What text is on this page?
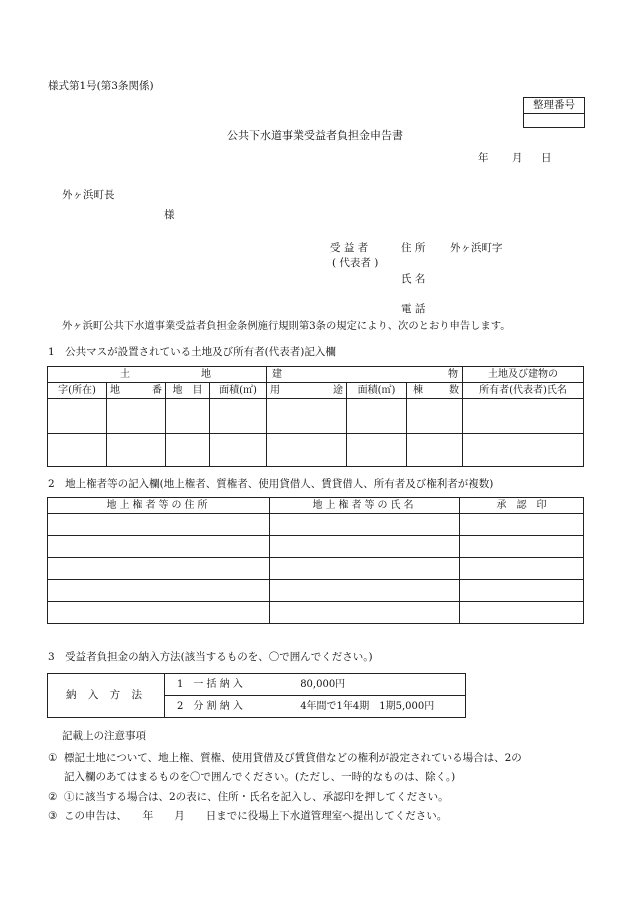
様式第1号(第3条関係)
整理番号

公共下水道事業受益者負担金申告書
年 月 日
外ヶ浜町長
様
受 益 者
( 代表者 )
住 所 外ヶ浜町字
氏 名
電 話
外ヶ浜町公共下水道事業受益者負担金条例施行規則第3条の規定により、次のとおり申告します。
1　公共マスが設置されている土地及び所有者(代表者)記入欄
土 地				建 物			土地及び建物の
字(所在)	地 番	地　目	面積(㎡)	用 途	面積(㎡)	棟 数	所有者(代表者)氏名

2　地上権者等の記入欄(地上権者、質権者、使用貸借人、賃貸借人、所有者及び権利者が複数)
地上権者等の住所	地上権者等の氏名	承　認　印

3　受益者負担金の納入方法(該当するものを、〇で囲んでください。)
納 入 方 法	1　一 括 納 入	80,000円
2　分 割 納 入	4年間で1年4期　1期5,000円
記載上の注意事項
① 標記土地について、地上権、質権、使用貸借及び賃貸借などの権利が設定されている場合は、2の
記入欄のあてはまるものを〇で囲んでください。(ただし、一時的なものは、除く。)
② ①に該当する場合は、2の表に、住所・氏名を記入し、承認印を押してください。
③ この申告は、　　年　　月　　日までに役場上下水道管理室へ提出してください。
